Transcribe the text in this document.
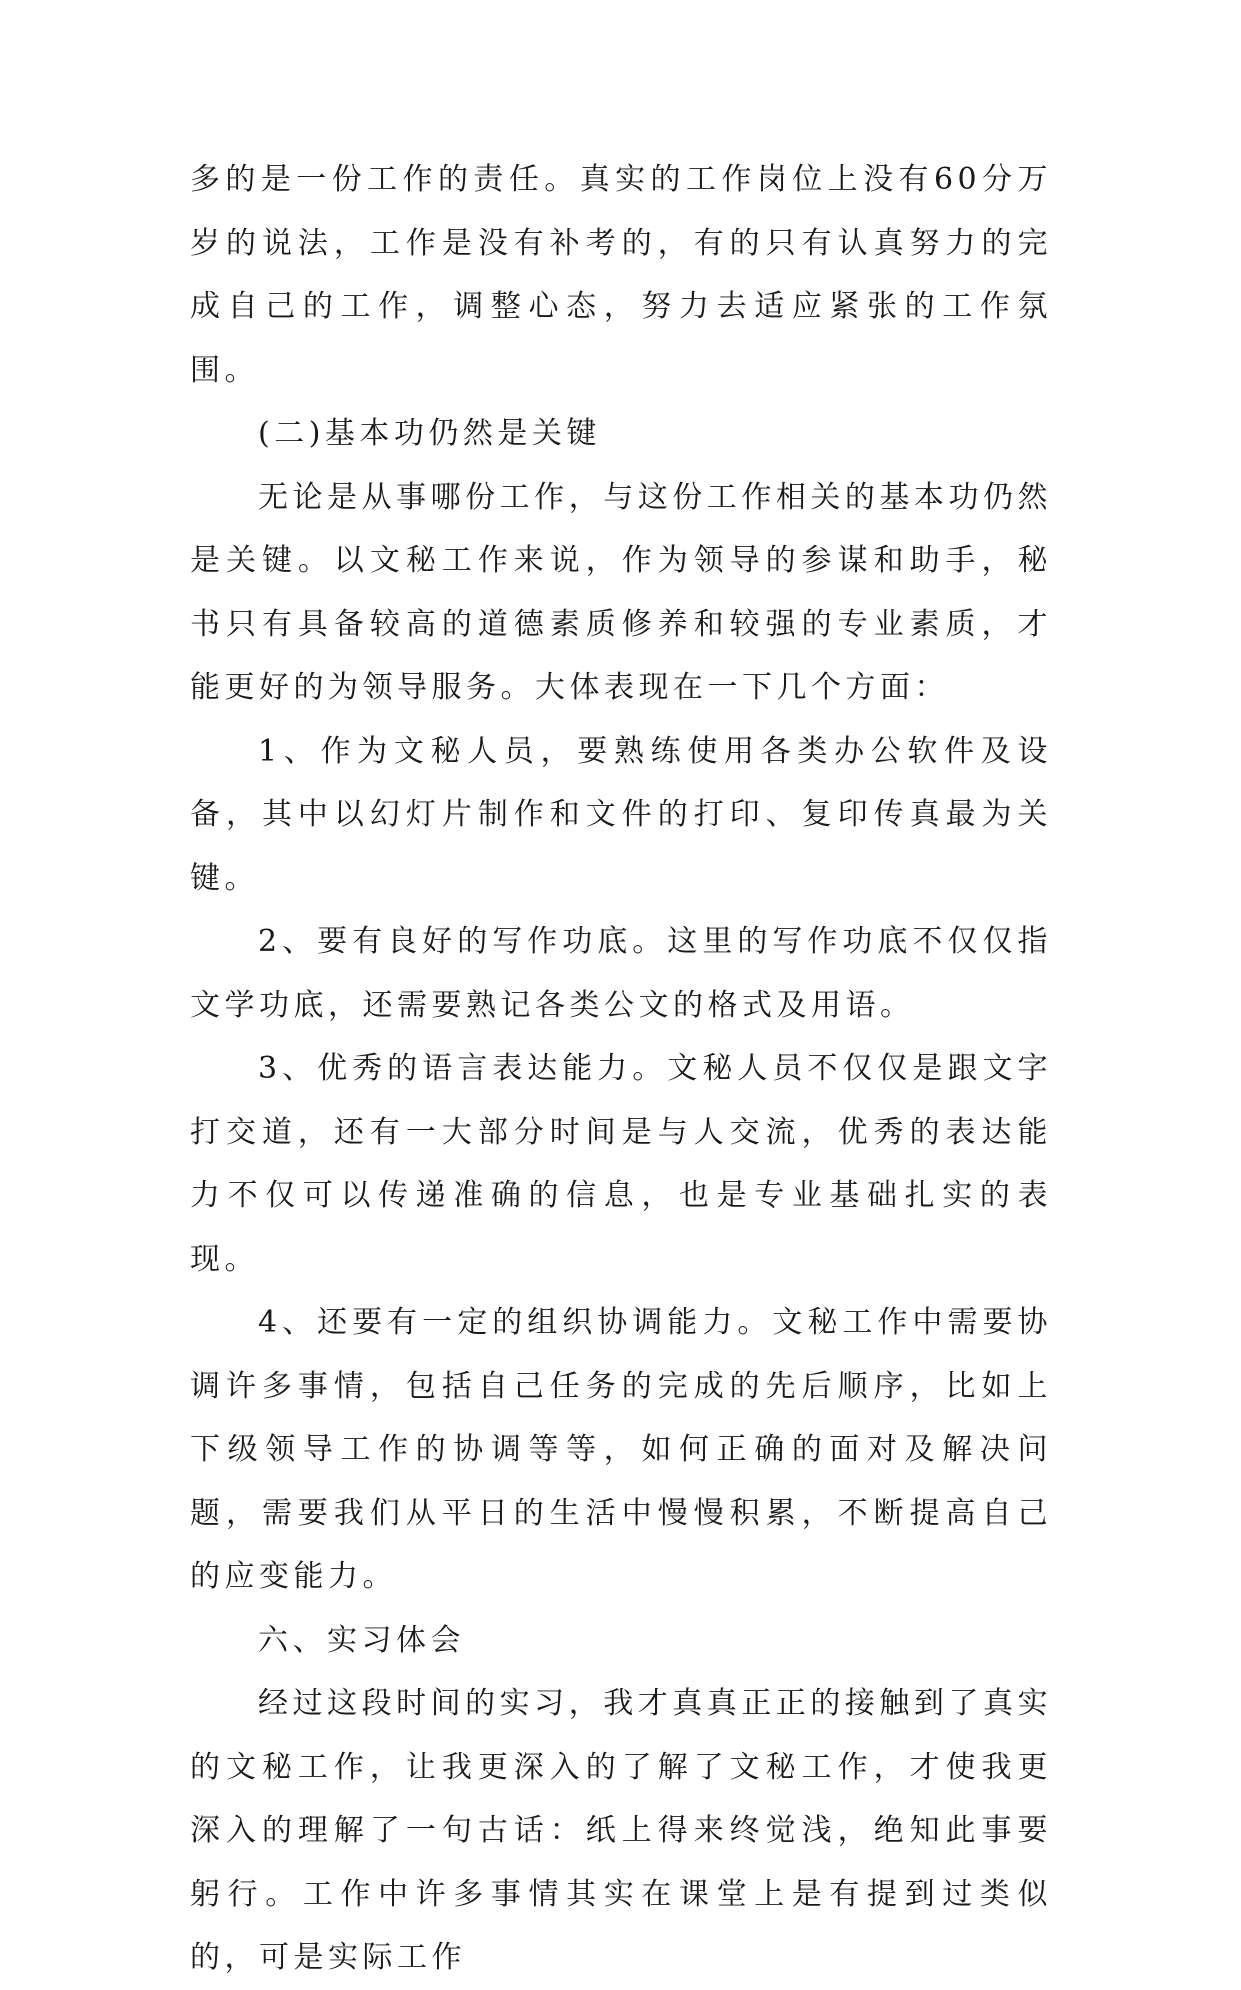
多的是一份工作的责任。真实的工作岗位上没有60分万岁的说法，工作是没有补考的，有的只有认真努力的完成自己的工作，调整心态，努力去适应紧张的工作氛围。

(二)基本功仍然是关键

无论是从事哪份工作，与这份工作相关的基本功仍然是关键。以文秘工作来说，作为领导的参谋和助手，秘书只有具备较高的道德素质修养和较强的专业素质，才能更好的为领导服务。大体表现在一下几个方面：

1、作为文秘人员，要熟练使用各类办公软件及设备，其中以幻灯片制作和文件的打印、复印传真最为关键。

2、要有良好的写作功底。这里的写作功底不仅仅指文学功底，还需要熟记各类公文的格式及用语。

3、优秀的语言表达能力。文秘人员不仅仅是跟文字打交道，还有一大部分时间是与人交流，优秀的表达能力不仅可以传递准确的信息，也是专业基础扎实的表现。

4、还要有一定的组织协调能力。文秘工作中需要协调许多事情，包括自己任务的完成的先后顺序，比如上下级领导工作的协调等等，如何正确的面对及解决问题，需要我们从平日的生活中慢慢积累，不断提高自己的应变能力。

六、实习体会

经过这段时间的实习，我才真真正正的接触到了真实的文秘工作，让我更深入的了解了文秘工作，才使我更深入的理解了一句古话：纸上得来终觉浅，绝知此事要躬行。工作中许多事情其实在课堂上是有提到过类似的，可是实际工作
